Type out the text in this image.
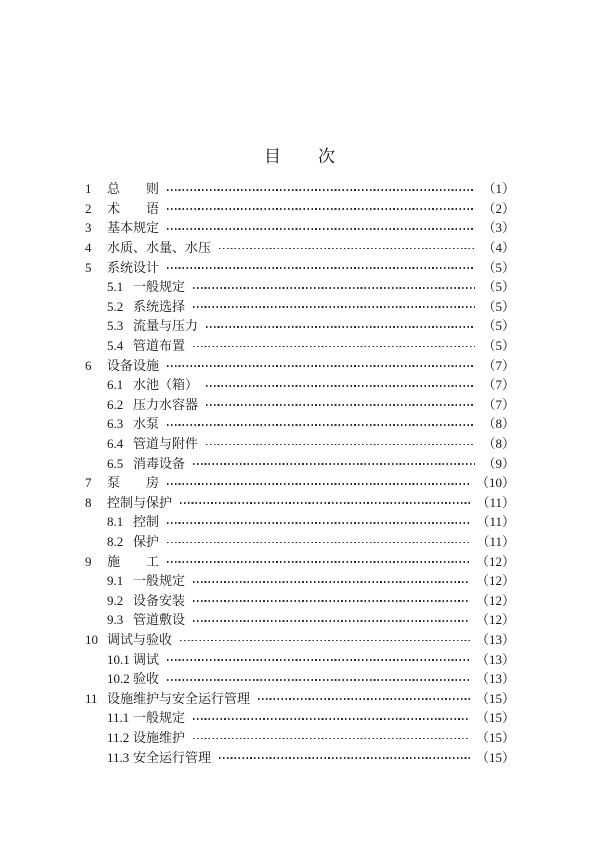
目　　次
1	总　　则	（1）
2	术　　语	（2）
3	基本规定	（3）
4	水质、水量、水压	（4）
5	系统设计	（5）
5.1 一般规定	（5）
5.2 系统选择	（5）
5.3 流量与压力	（5）
5.4 管道布置	（5）
6	设备设施	（7）
6.1 水池（箱）	（7）
6.2 压力水容器	（7）
6.3 水泵	（8）
6.4 管道与附件	（8）
6.5 消毒设备	（9）
7	泵　　房	（10）
8	控制与保护	（11）
8.1 控制	（11）
8.2 保护	（11）
9	施　　工	（12）
9.1 一般规定	（12）
9.2 设备安装	（12）
9.3 管道敷设	（12）
10 调试与验收	（13）
10.1 调试	（13）
10.2 验收	（13）
11 设施维护与安全运行管理	（15）
11.1 一般规定	（15）
11.2 设施维护	（15）
11.3 安全运行管理	（15）
